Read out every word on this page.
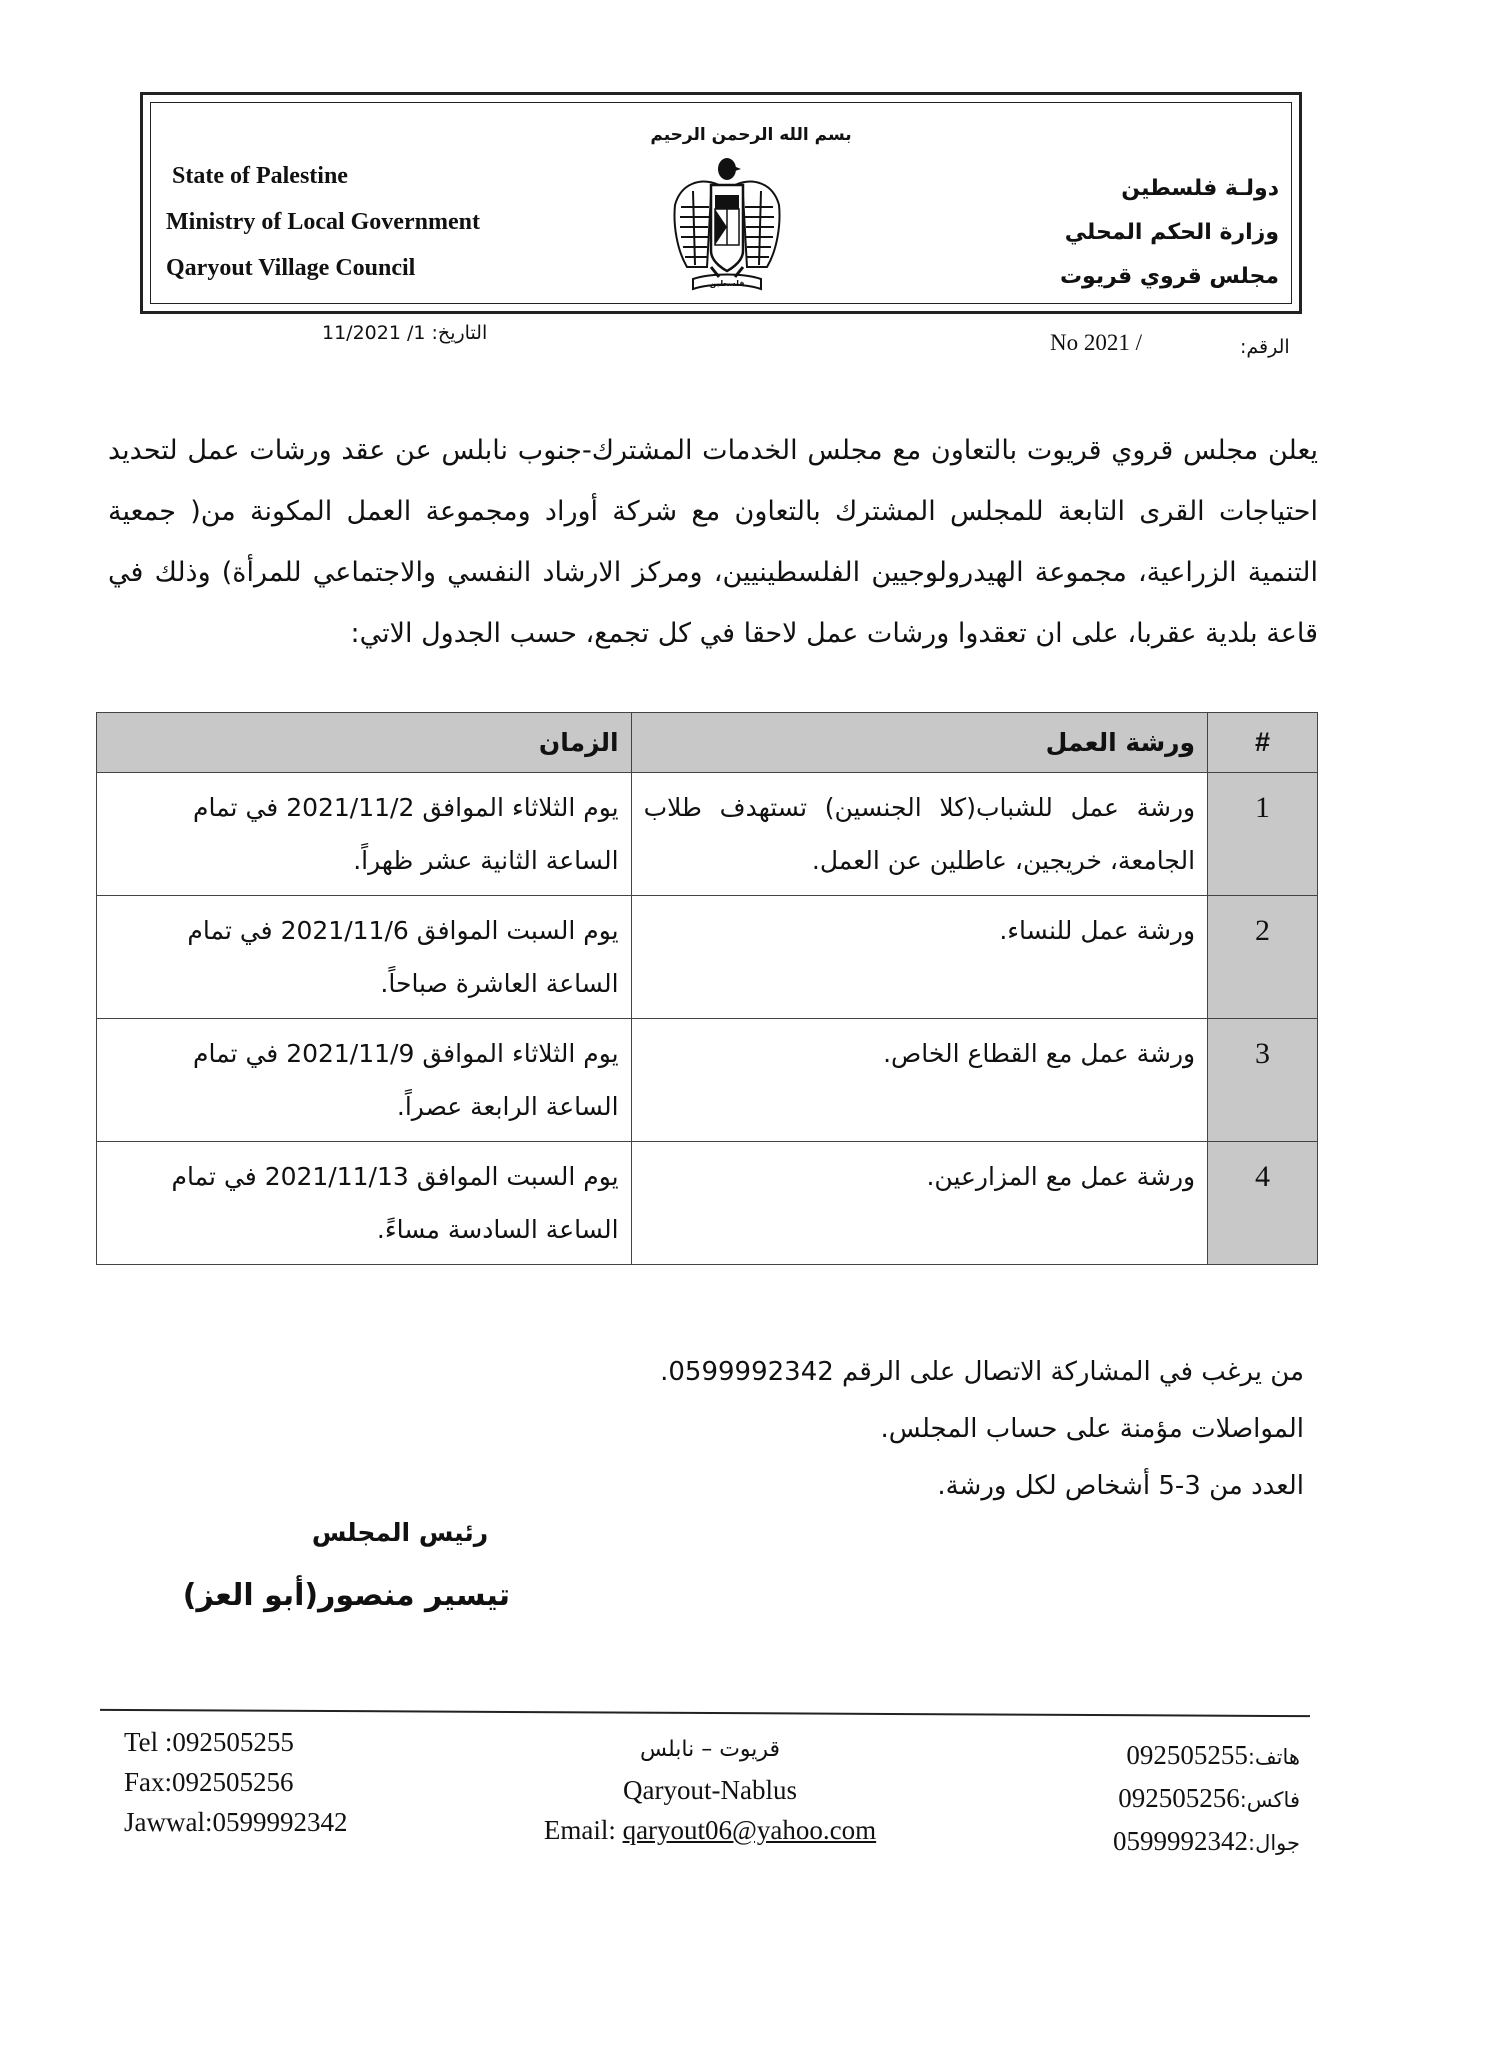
State of Palestine
Ministry of Local Government
Qaryout Village Council
بسم الله الرحمن الرحيم
فلسطين
دولـة فلسطين
وزارة الحكم المحلي
مجلس قروي قريوت
التاريخ: 1/ 11/2021	No 2021 /	الرقم:
يعلن مجلس قروي قريوت بالتعاون مع مجلس الخدمات المشترك-جنوب نابلس عن عقد ورشات عمل لتحديد احتياجات القرى التابعة للمجلس المشترك بالتعاون مع شركة أوراد ومجموعة العمل المكونة من( جمعية التنمية الزراعية، مجموعة الهيدرولوجيين الفلسطينيين، ومركز الارشاد النفسي والاجتماعي للمرأة) وذلك في قاعة بلدية عقربا، على ان تعقدوا ورشات عمل لاحقا في كل تجمع، حسب الجدول الاتي:
#	ورشة العمل	الزمان
1	ورشة عمل للشباب(كلا الجنسين) تستهدف طلاب الجامعة، خريجين، عاطلين عن العمل.	يوم الثلاثاء الموافق 2021/11/2 في تمام
الساعة الثانية عشر ظهراً.

2	ورشة عمل للنساء.	يوم السبت الموافق 2021/11/6 في تمام
الساعة العاشرة صباحاً.

3	ورشة عمل مع القطاع الخاص.	يوم الثلاثاء الموافق 2021/11/9 في تمام
الساعة الرابعة عصراً.

4	ورشة عمل مع المزارعين.	يوم السبت الموافق 2021/11/13 في تمام
الساعة السادسة مساءً.
من يرغب في المشاركة الاتصال على الرقم 0599992342.
المواصلات مؤمنة على حساب المجلس.
العدد من 3-5 أشخاص لكل ورشة.
رئيس المجلس
تيسير منصور(أبو العز)
Tel :092505255
Fax:092505256
Jawwal:0599992342
قريوت – نابلس
Qaryout-Nablus
Email: qaryout06@yahoo.com
هاتف:092505255
فاكس:092505256
جوال:0599992342
